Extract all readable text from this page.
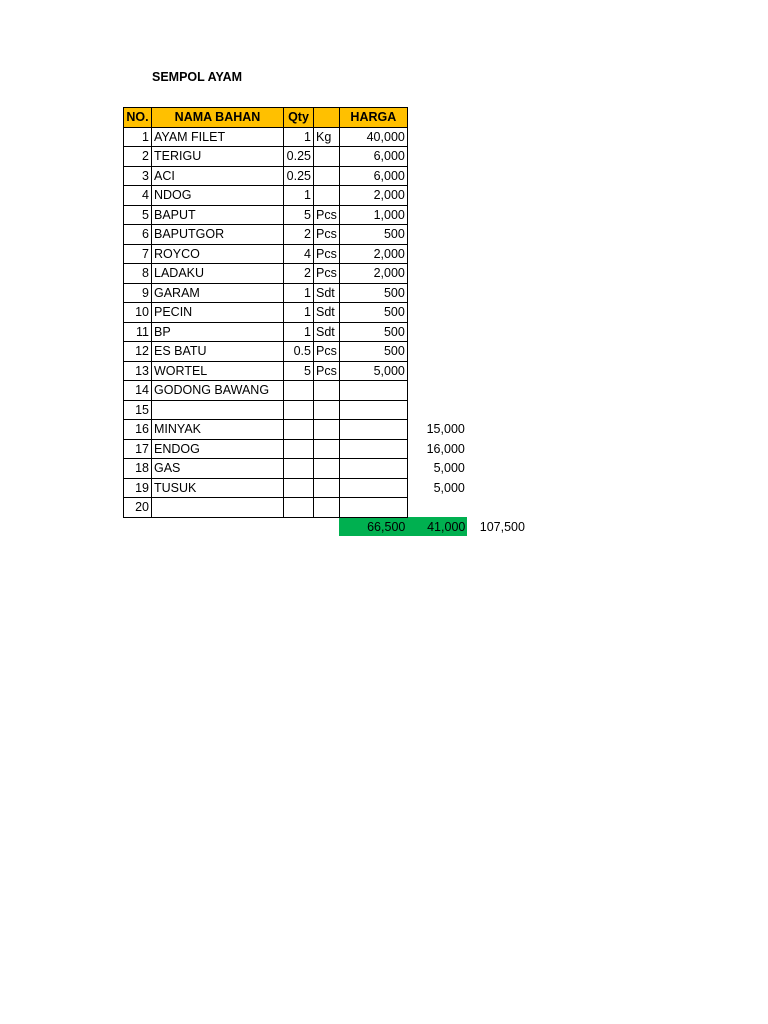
SEMPOL AYAM
NO.	NAMA BAHAN	Qty		HARGA		
1	AYAM FILET	1	Kg	40,000		
2	TERIGU	0.25		6,000		
3	ACI	0.25		6,000		
4	NDOG	1		2,000		
5	BAPUT	5	Pcs	1,000		
6	BAPUTGOR	2	Pcs	500		
7	ROYCO	4	Pcs	2,000		
8	LADAKU	2	Pcs	2,000		
9	GARAM	1	Sdt	500		
10	PECIN	1	Sdt	500		
11	BP	1	Sdt	500		
12	ES BATU	0.5	Pcs	500		
13	WORTEL	5	Pcs	5,000		
14	GODONG BAWANG					
15						
16	MINYAK				15,000	
17	ENDOG				16,000	
18	GAS				5,000	
19	TUSUK				5,000	
20						
				66,500	41,000	107,500
